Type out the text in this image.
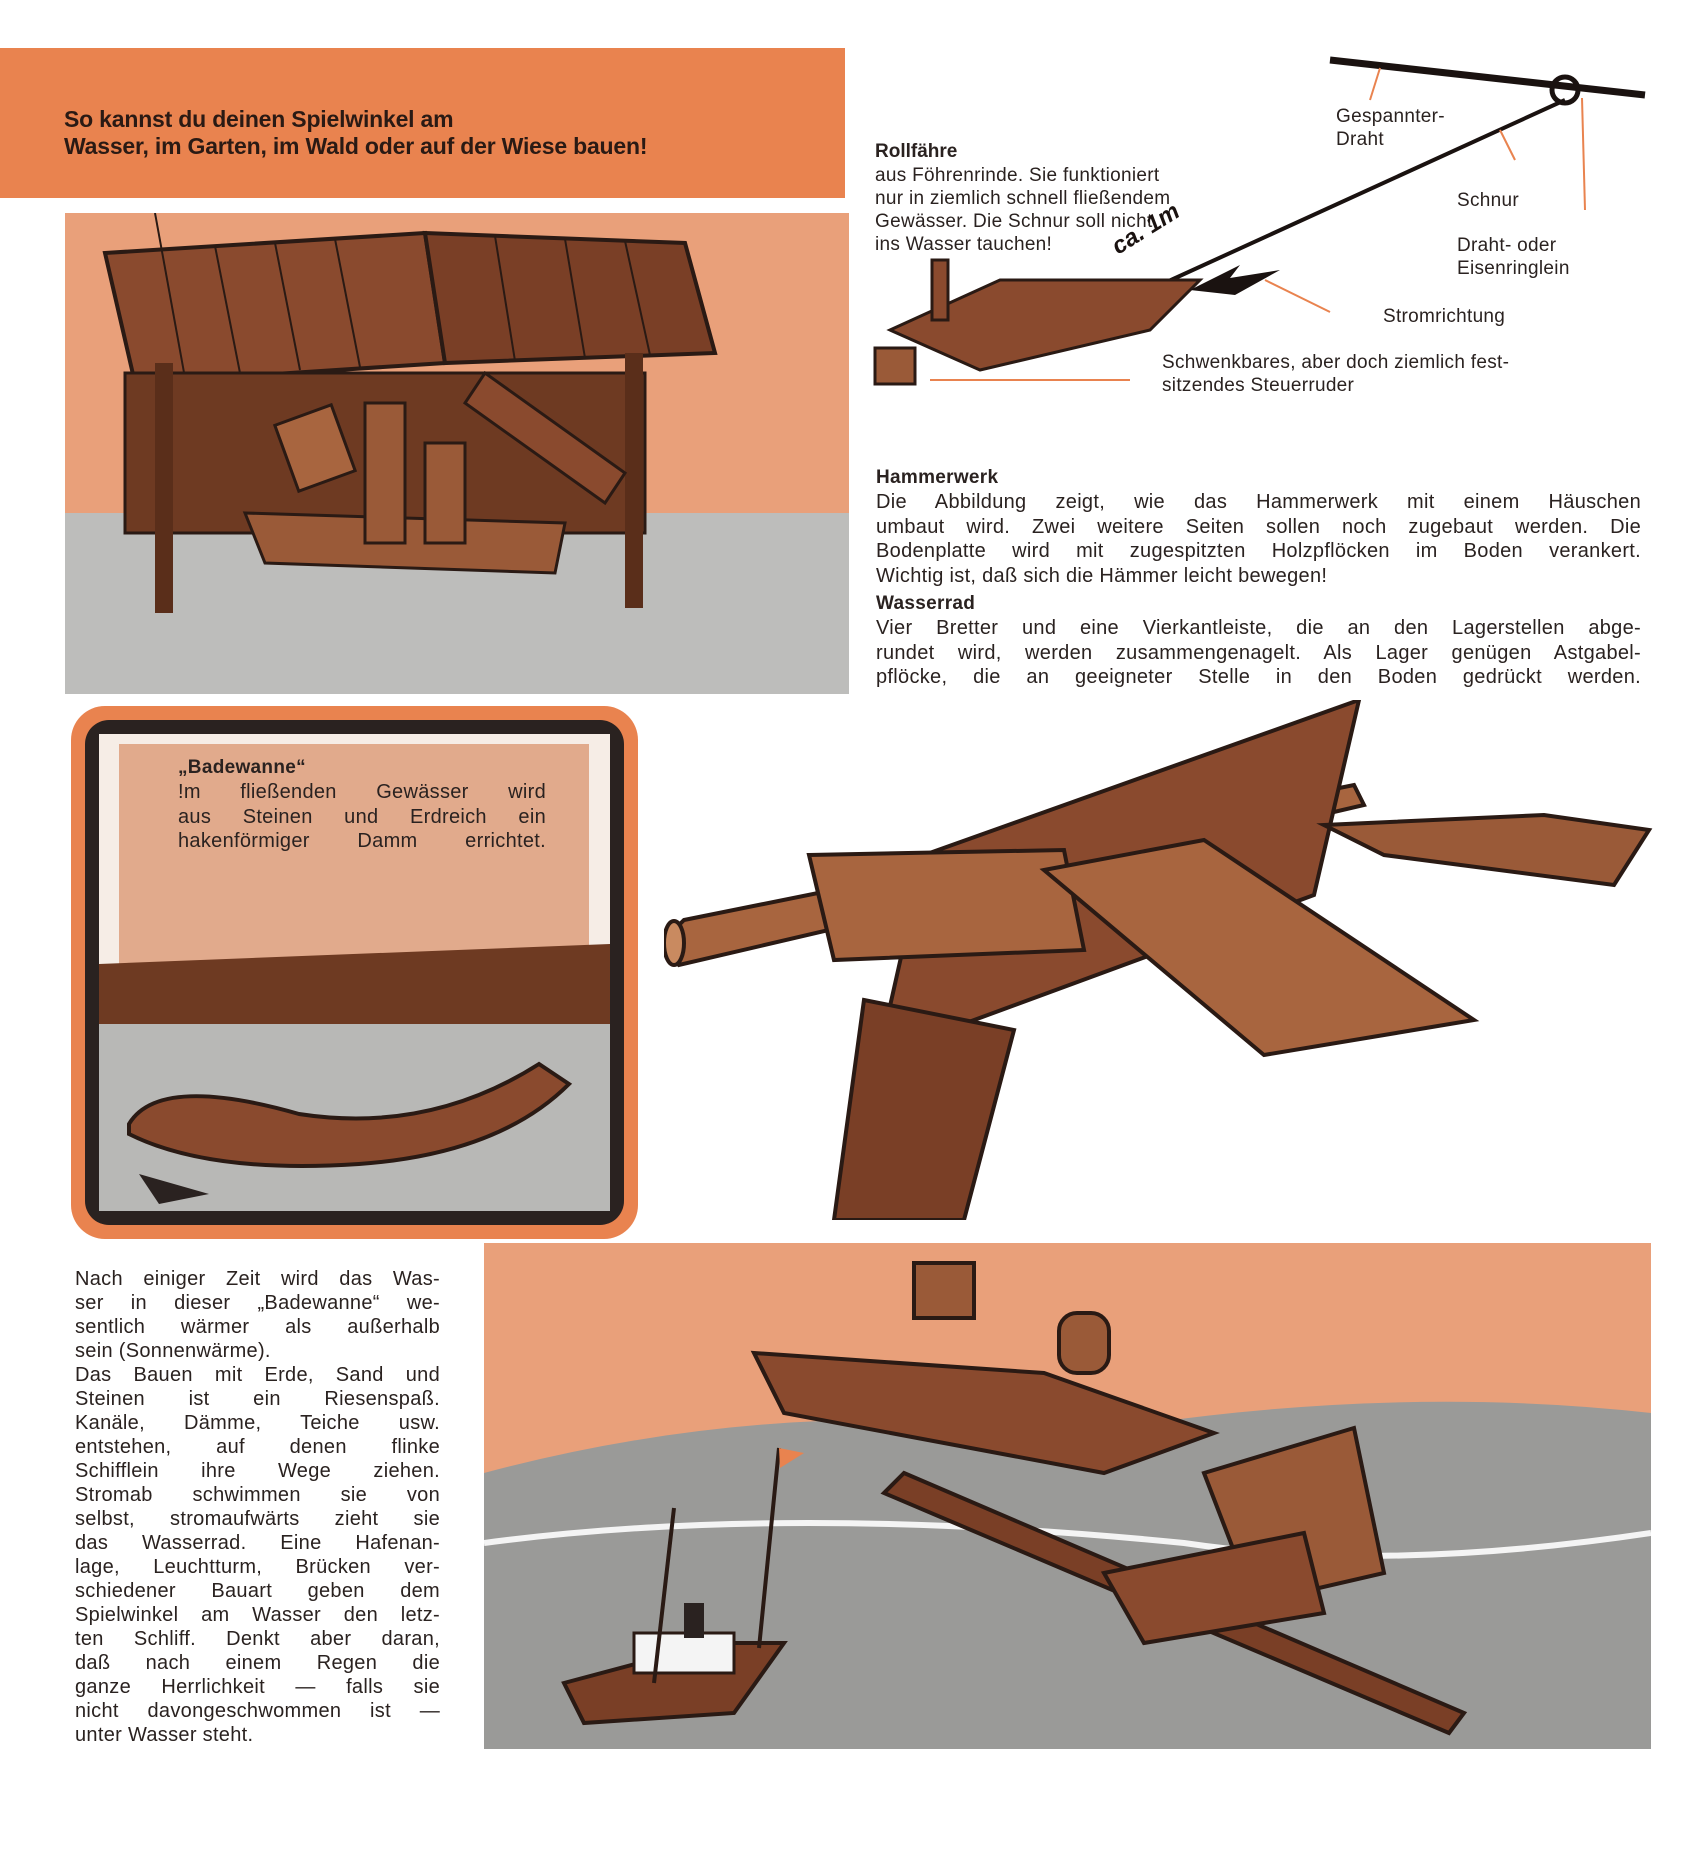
So kannst du deinen Spielwinkel am
Wasser, im Garten, im Wald oder auf der Wiese bauen!	Rollfähre
aus Föhrenrinde. Sie funktioniert
nur in ziemlich schnell fließendem
Gewässer. Die Schnur soll nicht
ins Wasser tauchen!	ca. 1m
Gespannter-
Draht
Schnur
Draht- oder
Eisenringlein
Stromrichtung
Schwenkbares, aber doch ziemlich fest-
sitzendes Steuerruder
Hammerwerk
Die Abbildung zeigt, wie das Hammerwerk mit einem Häuschen
umbaut wird. Zwei weitere Seiten sollen noch zugebaut werden. Die
Bodenplatte wird mit zugespitzten Holzpflöcken im Boden verankert.
Wichtig ist, daß sich die Hämmer leicht bewegen!
Wasserrad
Vier Bretter und eine Vierkantleiste, die an den Lagerstellen abge-
rundet wird, werden zusammengenagelt. Als Lager genügen Astgabel-
pflöcke, die an geeigneter Stelle in den Boden gedrückt werden.
„Badewanne“
!m fließenden Gewässer wird
aus Steinen und Erdreich ein
hakenförmiger Damm errichtet.
Nach einiger Zeit wird das Was-
ser in dieser „Badewanne“ we-
sentlich wärmer als außerhalb
sein (Sonnenwärme).
Das Bauen mit Erde, Sand und
Steinen ist ein Riesenspaß.
Kanäle, Dämme, Teiche usw.
entstehen, auf denen flinke
Schifflein ihre Wege ziehen.
Stromab schwimmen sie von
selbst, stromaufwärts zieht sie
das Wasserrad. Eine Hafenan-
lage, Leuchtturm, Brücken ver-
schiedener Bauart geben dem
Spielwinkel am Wasser den letz-
ten Schliff. Denkt aber daran,
daß nach einem Regen die
ganze Herrlichkeit — falls sie
nicht davongeschwommen ist —
unter Wasser steht.
